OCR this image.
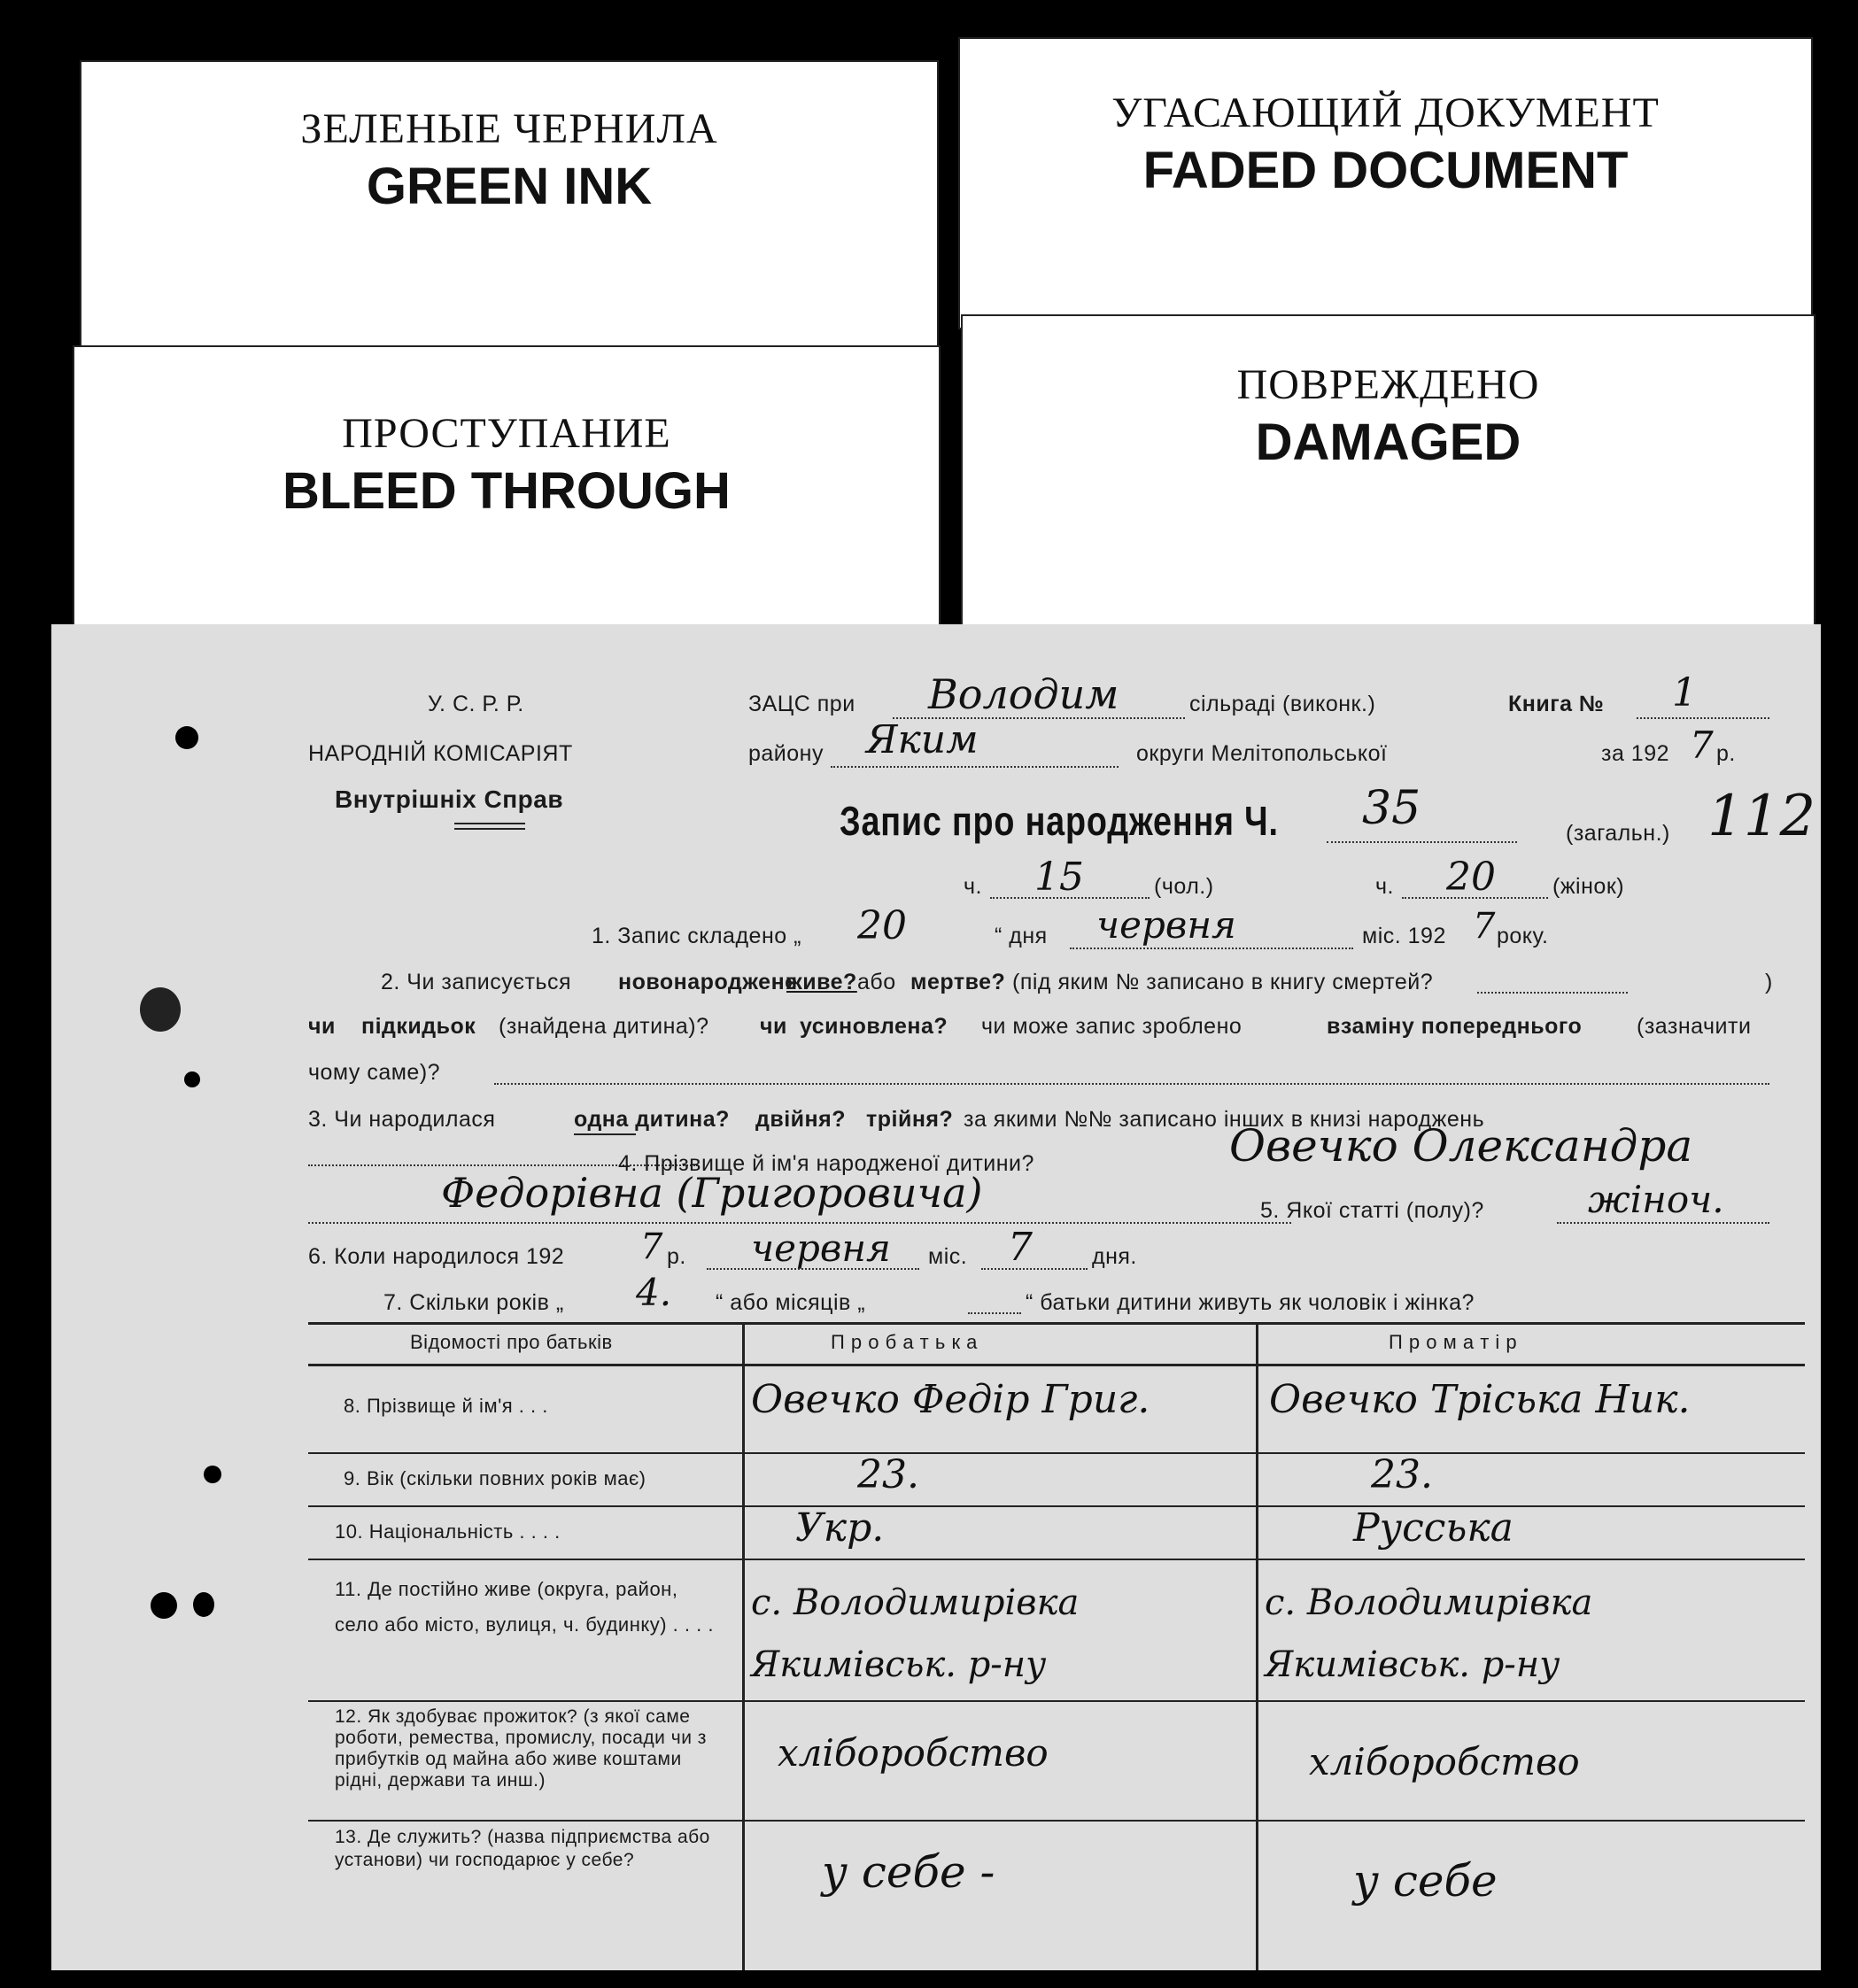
ЗЕЛЕНЫЕ ЧЕРНИЛА
GREEN INK
УГАСАЮЩИЙ ДОКУМЕНТ
FADED DOCUMENT
ПРОСТУПАНИЕ
BLEED THROUGH
ПОВРЕЖДЕНО
DAMAGED
У. С. Р. Р.
НАРОДНІЙ КОМІСАРІЯТ
Внутрішніх Справ
ЗАЦС при Володим	сільраді (виконк.)	Книга № 1
району Яким	округи Мелітопольської	за 192 7 р.
Запис про народження Ч. 35	(загальн.) 112
ч. 15	(чол.)	ч. 20	(жінок)
1. Запис складено „ 20	“ дня червня	міс. 192 7 року.
2. Чи записується новонароджене
живе? або мертве? (під яким № записано в книгу смертей?	)
чи підкидьок (знайдена дитина)? чи усиновлена? чи може запис зроблено	взаміну попереднього (зазначити
чому саме)?
3. Чи народилася	одна дитина? двійня? трійня? за якими №№ записано інших в книзі народжень
4. Прізвище й ім'я народженої дитини?	Овечко Олександра
Федорівна (Григоровича)	5. Якої статті (полу)?	жіноч.
6. Коли народилося 192 7 р. червня міс. 7	дня.
7. Скільки років „ 4. “ або місяців „	“ батьки дитини живуть як чоловік і жінка?
Відомості про батьків	П р о б а т ь к а	П р о м а т і р
8. Прізвище й ім'я . . .	Овечко Федір Григ.	Овечко Тріська Ник.
9. Вік (скільки повних років має)	23.	23.
10. Національність . . . .	Укр.	Русська
11. Де постійно живе (округа, район, село або місто, вулиця, ч. будинку) . . . .
с. Володимирівка Якимівськ. р-ну
с. Володимирівка Якимівськ. р-ну
12. Як здобуває прожиток? (з якої саме роботи, ремества, промислу, посади чи з прибутків од майна або живе коштами рідні, держави та инш.)
хліборобство	хліборобство
13. Де служить? (назва підприємства або установи) чи господарює у себе?	у себе -	у себе
